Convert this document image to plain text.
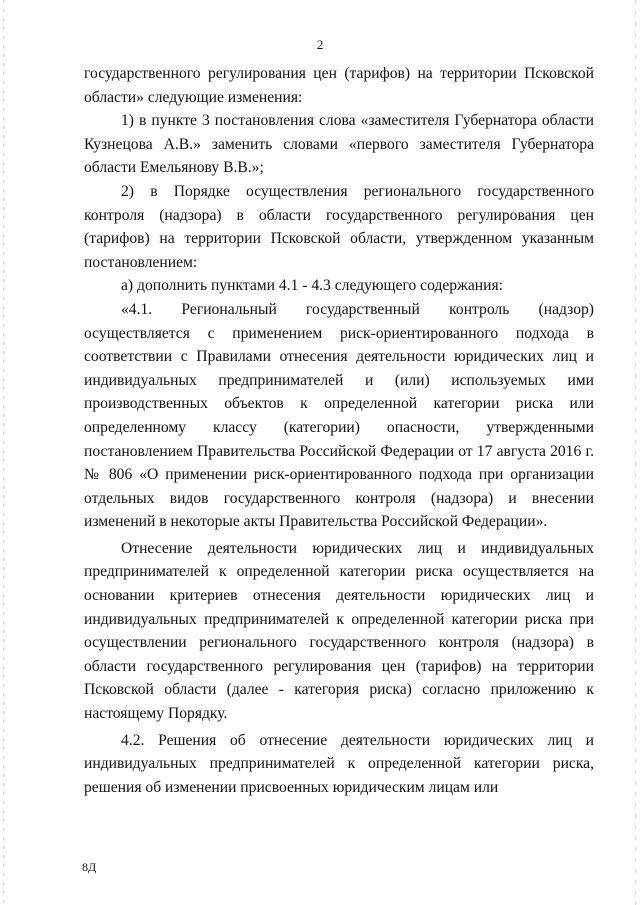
2

государственного регулирования цен (тарифов) на территории Псковской области» следующие изменения:

1) в пункте 3 постановления слова «заместителя Губернатора области Кузнецова А.В.» заменить словами «первого заместителя Губернатора области Емельянову В.В.»;

2) в Порядке осуществления регионального государственного контроля (надзора) в области государственного регулирования цен (тарифов) на территории Псковской области, утвержденном указанным постановлением:

а) дополнить пунктами 4.1 - 4.3 следующего содержания:

«4.1. Региональный государственный контроль (надзор) осуществляется с применением риск-ориентированного подхода в соответствии с Правилами отнесения деятельности юридических лиц и индивидуальных предпринимателей и (или) используемых ими производственных объектов к определенной категории риска или определенному классу (категории) опасности, утвержденными постановлением Правительства Российской Федерации от 17 августа 2016 г. № 806 «О применении риск-ориентированного подхода при организации отдельных видов государственного контроля (надзора) и внесении изменений в некоторые акты Правительства Российской Федерации».

Отнесение деятельности юридических лиц и индивидуальных предпринимателей к определенной категории риска осуществляется на основании критериев отнесения деятельности юридических лиц и индивидуальных предпринимателей к определенной категории риска при осуществлении регионального государственного контроля (надзора) в области государственного регулирования цен (тарифов) на территории Псковской области (далее - категория риска) согласно приложению к настоящему Порядку.

4.2. Решения об отнесение деятельности юридических лиц и индивидуальных предпринимателей к определенной категории риска, решения об изменении присвоенных юридическим лицам или

8Д
